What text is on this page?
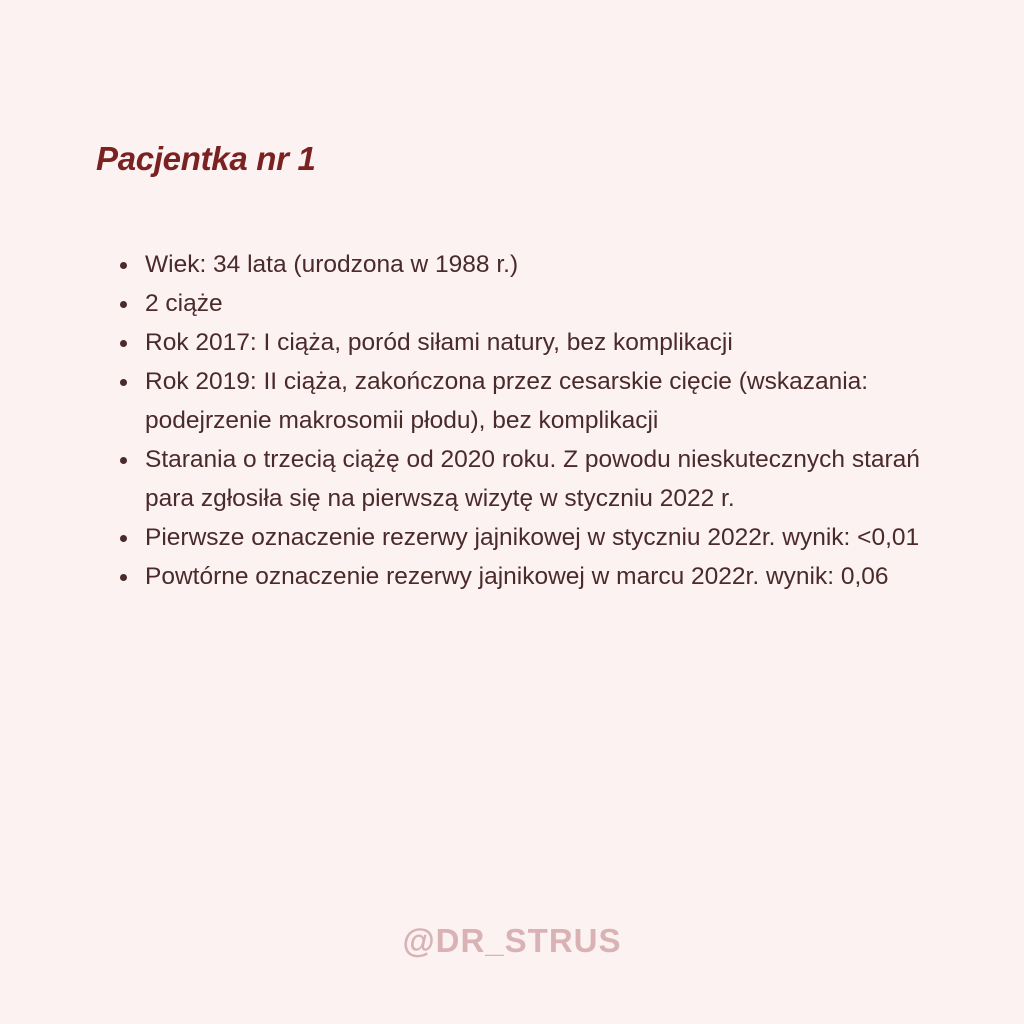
Pacjentka nr 1
Wiek: 34 lata (urodzona w 1988 r.)
2 ciąże
Rok 2017: I ciąża, poród siłami natury, bez komplikacji
Rok 2019: II ciąża, zakończona przez cesarskie cięcie (wskazania: podejrzenie makrosomii płodu), bez komplikacji
Starania o trzecią ciążę od 2020 roku. Z powodu nieskutecznych starań para zgłosiła się na pierwszą wizytę w styczniu 2022 r.
Pierwsze oznaczenie rezerwy jajnikowej w styczniu 2022r. wynik: <0,01
Powtórne oznaczenie rezerwy jajnikowej w marcu 2022r. wynik: 0,06
@DR_STRUS
